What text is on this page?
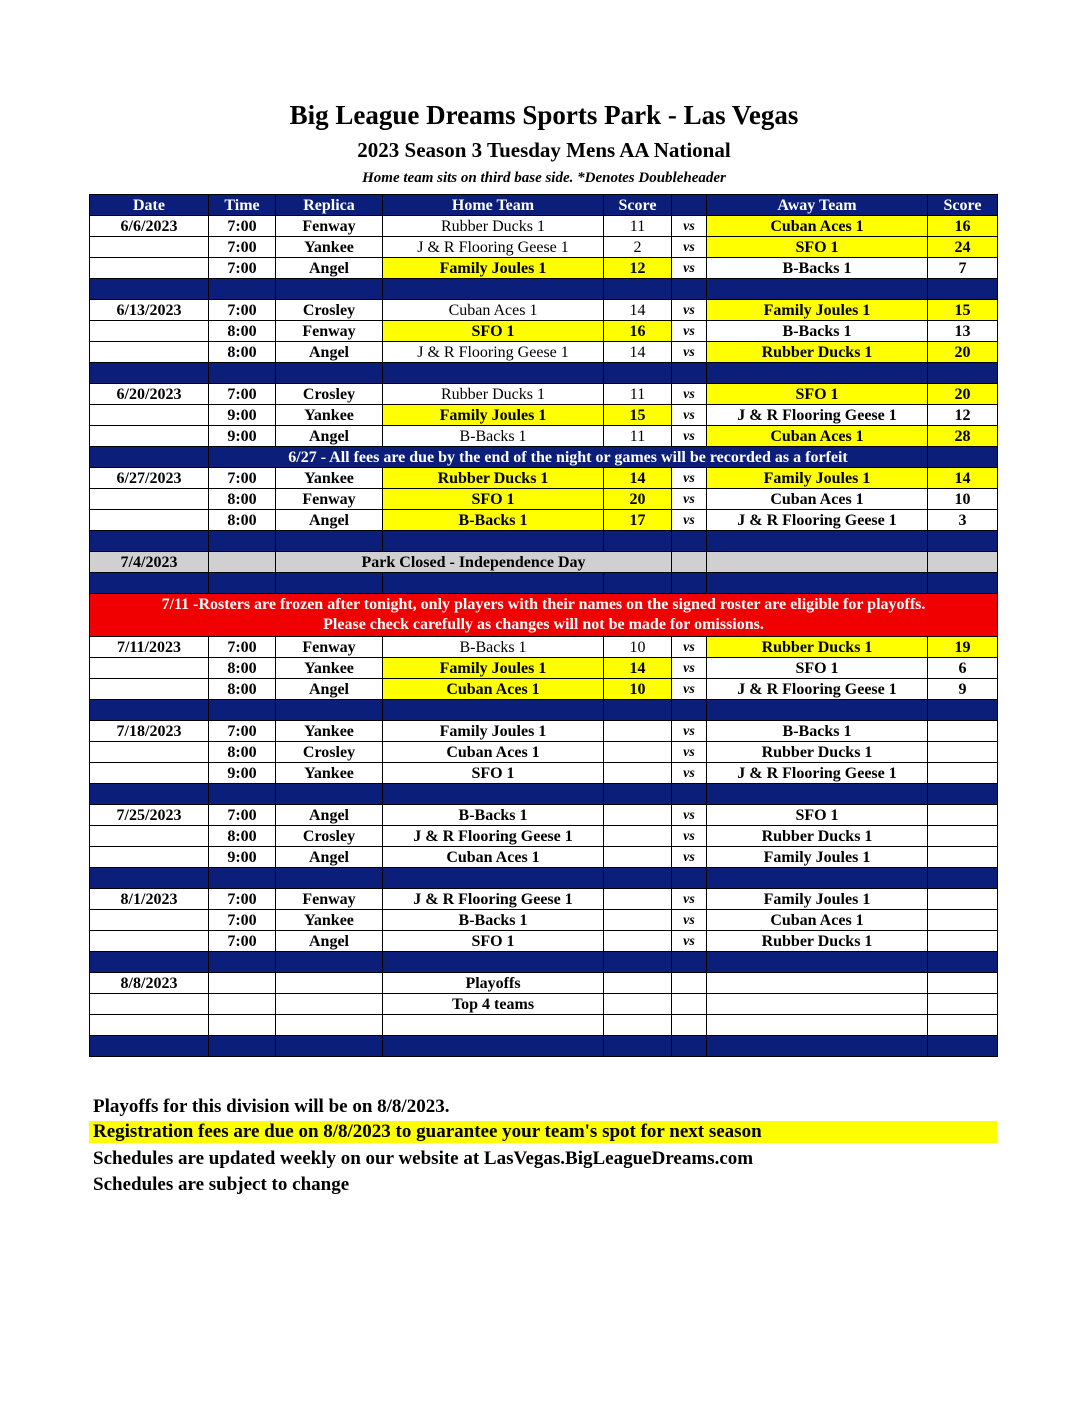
Big League Dreams Sports Park - Las Vegas
2023 Season 3 Tuesday Mens AA National
Home team sits on third base side. *Denotes Doubleheader
Date	Time	Replica	Home Team	Score		Away Team	Score
6/6/2023	7:00	Fenway	Rubber Ducks 1	11	vs	Cuban Aces 1	16
	7:00	Yankee	J & R Flooring Geese 1	2	vs	SFO 1	24
	7:00	Angel	Family Joules 1	12	vs	B-Backs 1	7

6/13/2023	7:00	Crosley	Cuban Aces 1	14	vs	Family Joules 1	15
	8:00	Fenway	SFO 1	16	vs	B-Backs 1	13
	8:00	Angel	J & R Flooring Geese 1	14	vs	Rubber Ducks 1	20

6/20/2023	7:00	Crosley	Rubber Ducks 1	11	vs	SFO 1	20
	9:00	Yankee	Family Joules 1	15	vs	J & R Flooring Geese 1	12
	9:00	Angel	B-Backs 1	11	vs	Cuban Aces 1	28
	6/27 - All fees are due by the end of the night or games will be recorded as a forfeit						
6/27/2023	7:00	Yankee	Rubber Ducks 1	14	vs	Family Joules 1	14
	8:00	Fenway	SFO 1	20	vs	Cuban Aces 1	10
	8:00	Angel	B-Backs 1	17	vs	J & R Flooring Geese 1	3

7/4/2023		Park Closed - Independence Day					

7/11 -Rosters are frozen after tonight, only players with their names on the signed roster are eligible for playoffs.
Please check carefully as changes will not be made for omissions.							

7/11/2023	7:00	Fenway	B-Backs 1	10	vs	Rubber Ducks 1	19
	8:00	Yankee	Family Joules 1	14	vs	SFO 1	6
	8:00	Angel	Cuban Aces 1	10	vs	J & R Flooring Geese 1	9

7/18/2023	7:00	Yankee	Family Joules 1		vs	B-Backs 1	
	8:00	Crosley	Cuban Aces 1		vs	Rubber Ducks 1	
	9:00	Yankee	SFO 1		vs	J & R Flooring Geese 1	

7/25/2023	7:00	Angel	B-Backs 1		vs	SFO 1	
	8:00	Crosley	J & R Flooring Geese 1		vs	Rubber Ducks 1	
	9:00	Angel	Cuban Aces 1		vs	Family Joules 1	

8/1/2023	7:00	Fenway	J & R Flooring Geese 1		vs	Family Joules 1	
	7:00	Yankee	B-Backs 1		vs	Cuban Aces 1	
	7:00	Angel	SFO 1		vs	Rubber Ducks 1	

8/8/2023			Playoffs				
			Top 4 teams				

Playoffs for this division will be on 8/8/2023.
Registration fees are due on 8/8/2023 to guarantee your team's spot for next season
Schedules are updated weekly on our website at LasVegas.BigLeagueDreams.com
Schedules are subject to change
